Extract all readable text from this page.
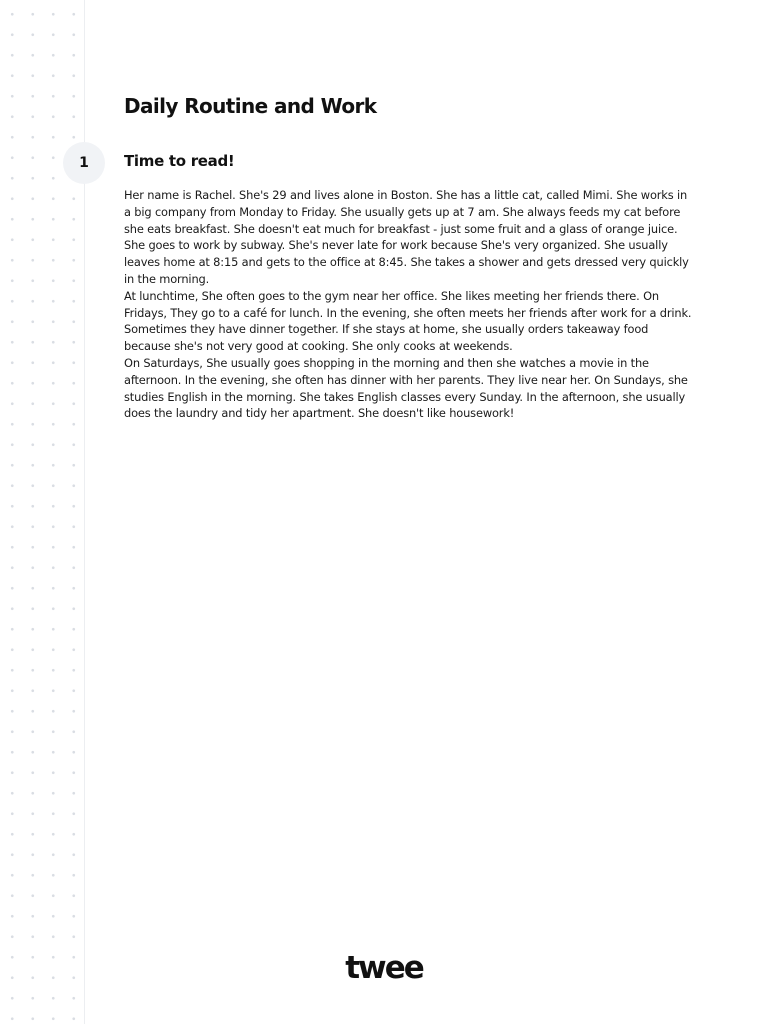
Daily Routine and Work
1	Time to read!

Her name is Rachel. She's 29 and lives alone in Boston. She has a little cat, called Mimi. She works in a big company from Monday to Friday. She usually gets up at 7 am. She always feeds my cat before she eats breakfast. She doesn't eat much for breakfast - just some fruit and a glass of orange juice.

She goes to work by subway. She's never late for work because She's very organized. She usually leaves home at 8:15 and gets to the office at 8:45. She takes a shower and gets dressed very quickly in the morning.

At lunchtime, She often goes to the gym near her office. She likes meeting her friends there. On Fridays, They go to a café for lunch. In the evening, she often meets her friends after work for a drink. Sometimes they have dinner together. If she stays at home, she usually orders takeaway food because she's not very good at cooking. She only cooks at weekends.

On Saturdays, She usually goes shopping in the morning and then she watches a movie in the afternoon. In the evening, she often has dinner with her parents. They live near her. On Sundays, she studies English in the morning. She takes English classes every Sunday. In the afternoon, she usually does the laundry and tidy her apartment. She doesn't like housework!

twee
